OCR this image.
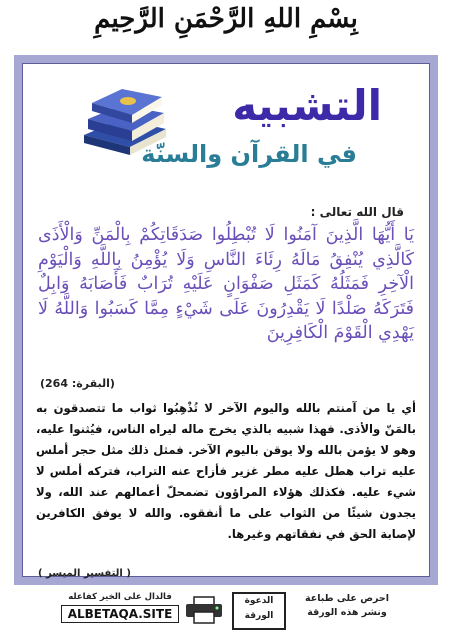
بِسْمِ اللهِ الرَّحْمَنِ الرَّحِيمِ
التشبيه
في القرآن والسنّة
قال الله تعالى :
يَا أَيُّهَا الَّذِينَ آمَنُوا لَا تُبْطِلُوا صَدَقَاتِكُمْ بِالْمَنِّ وَالْأَذَى كَالَّذِي يُنْفِقُ مَالَهُ رِئَاءَ النَّاسِ وَلَا يُؤْمِنُ بِاللَّهِ وَالْيَوْمِ الْآخِرِ فَمَثَلُهُ كَمَثَلِ صَفْوَانٍ عَلَيْهِ تُرَابٌ فَأَصَابَهُ وَابِلٌ فَتَرَكَهُ صَلْدًا لَا يَقْدِرُونَ عَلَى شَيْءٍ مِمَّا كَسَبُوا وَاللَّهُ لَا يَهْدِي الْقَوْمَ الْكَافِرِينَ
(البقرة: 264)
أي يا من آمنتم بالله واليوم الآخر لا تُذْهِبُوا ثواب ما تتصدقون به بالمَنّ والأذى. فهذا شبيه بالذي يخرج ماله ليراه الناس، فيُثنوا عليه، وهو لا يؤمن بالله ولا يوقن باليوم الآخر. فمثل ذلك مثل حجر أملس عليه تراب هطل عليه مطر غزير فأزاح عنه التراب، فتركه أملس لا شيء عليه. فكذلك هؤلاء المراؤون تضمحلّ أعمالهم عند الله، ولا يجدون شيئًا من الثواب على ما أنفقوه. والله لا يوفق الكافرين لإصابة الحق في نفقاتهم وغيرها.
( التفسير الميسر )
احرص على طباعة
ونشر هذه الورقة
الدعوة
الورقة
فالدال على الخير كفاعله
ALBETAQA.SITE
